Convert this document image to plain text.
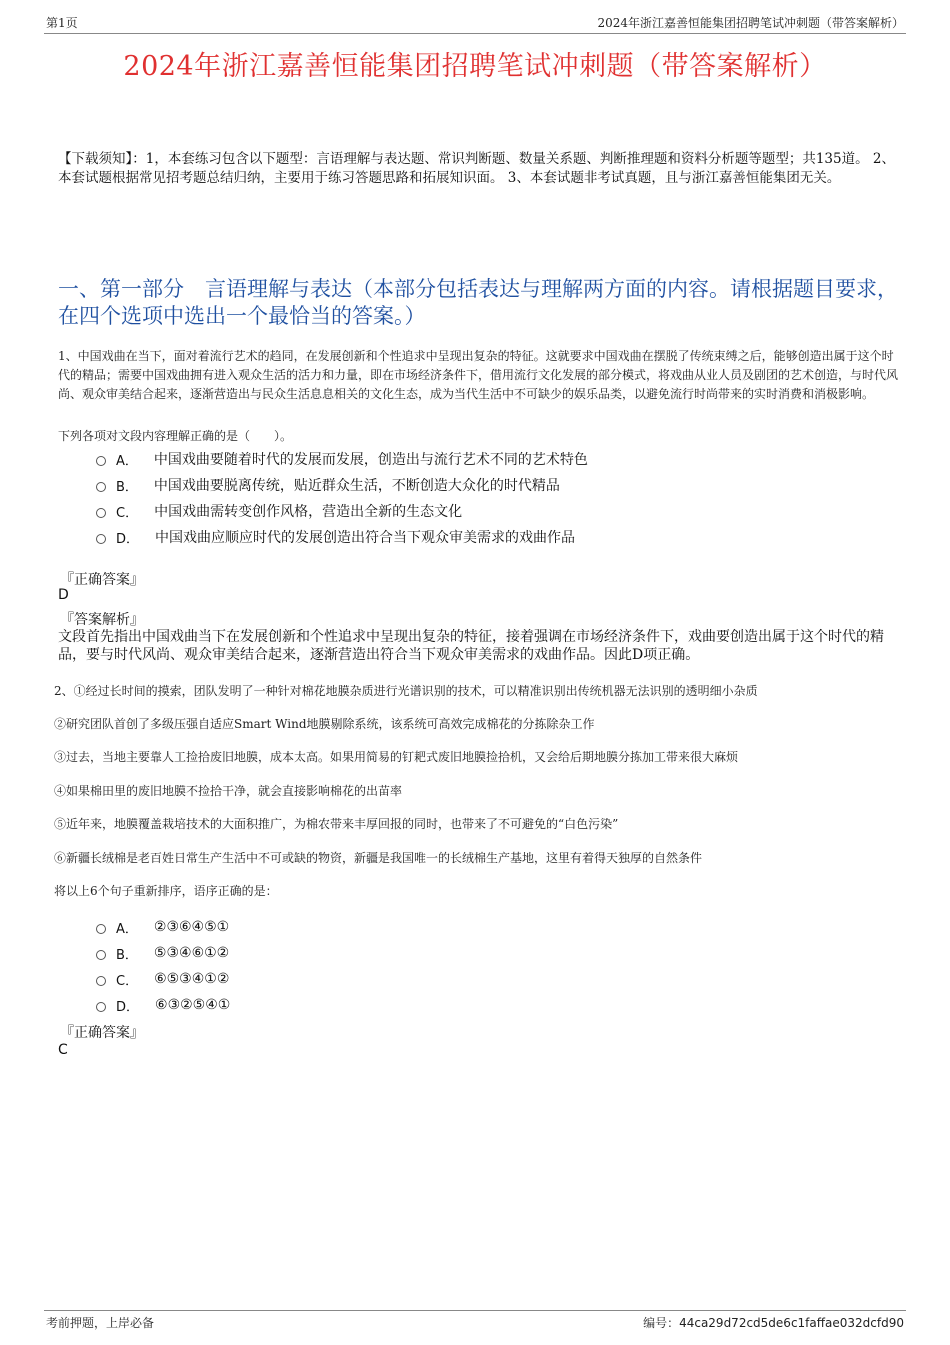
第1页	2024年浙江嘉善恒能集团招聘笔试冲刺题（带答案解析）
2024年浙江嘉善恒能集团招聘笔试冲刺题（带答案解析）
【下载须知】：1，本套练习包含以下题型：言语理解与表达题、常识判断题、数量关系题、判断推理题和资料分析题等题型；共135道。 2、本套试题根据常见招考题总结归纳，主要用于练习答题思路和拓展知识面。 3、本套试题非考试真题，且与浙江嘉善恒能集团无关。
一、第一部分　言语理解与表达（本部分包括表达与理解两方面的内容。请根据题目要求，在四个选项中选出一个最恰当的答案。）
1、中国戏曲在当下，面对着流行艺术的趋同，在发展创新和个性追求中呈现出复杂的特征。这就要求中国戏曲在摆脱了传统束缚之后，能够创造出属于这个时代的精品；需要中国戏曲拥有进入观众生活的活力和力量，即在市场经济条件下，借用流行文化发展的部分模式，将戏曲从业人员及剧团的艺术创造，与时代风尚、观众审美结合起来，逐渐营造出与民众生活息息相关的文化生态，成为当代生活中不可缺少的娱乐品类，以避免流行时尚带来的实时消费和消极影响。
下列各项对文段内容理解正确的是（　　）。
A． 中国戏曲要随着时代的发展而发展，创造出与流行艺术不同的艺术特色
B． 中国戏曲要脱离传统，贴近群众生活，不断创造大众化的时代精品
C． 中国戏曲需转变创作风格，营造出全新的生态文化
D． 中国戏曲应顺应时代的发展创造出符合当下观众审美需求的戏曲作品
『正确答案』
D
『答案解析』
文段首先指出中国戏曲当下在发展创新和个性追求中呈现出复杂的特征，接着强调在市场经济条件下，戏曲要创造出属于这个时代的精品，要与时代风尚、观众审美结合起来，逐渐营造出符合当下观众审美需求的戏曲作品。因此D项正确。
2、①经过长时间的摸索，团队发明了一种针对棉花地膜杂质进行光谱识别的技术，可以精准识别出传统机器无法识别的透明细小杂质
②研究团队首创了多级压强自适应Smart Wind地膜剔除系统，该系统可高效完成棉花的分拣除杂工作
③过去，当地主要靠人工捡拾废旧地膜，成本太高。如果用简易的钉耙式废旧地膜捡拾机，又会给后期地膜分拣加工带来很大麻烦
④如果棉田里的废旧地膜不捡拾干净，就会直接影响棉花的出苗率
⑤近年来，地膜覆盖栽培技术的大面积推广，为棉农带来丰厚回报的同时，也带来了不可避免的“白色污染”
⑥新疆长绒棉是老百姓日常生产生活中不可或缺的物资，新疆是我国唯一的长绒棉生产基地，这里有着得天独厚的自然条件
将以上6个句子重新排序，语序正确的是：
A． ②③⑥④⑤①
B． ⑤③④⑥①②
C． ⑥⑤③④①②
D． ⑥③②⑤④①
『正确答案』
C
考前押题，上岸必备	编号：44ca29d72cd5de6c1faffae032dcfd90
